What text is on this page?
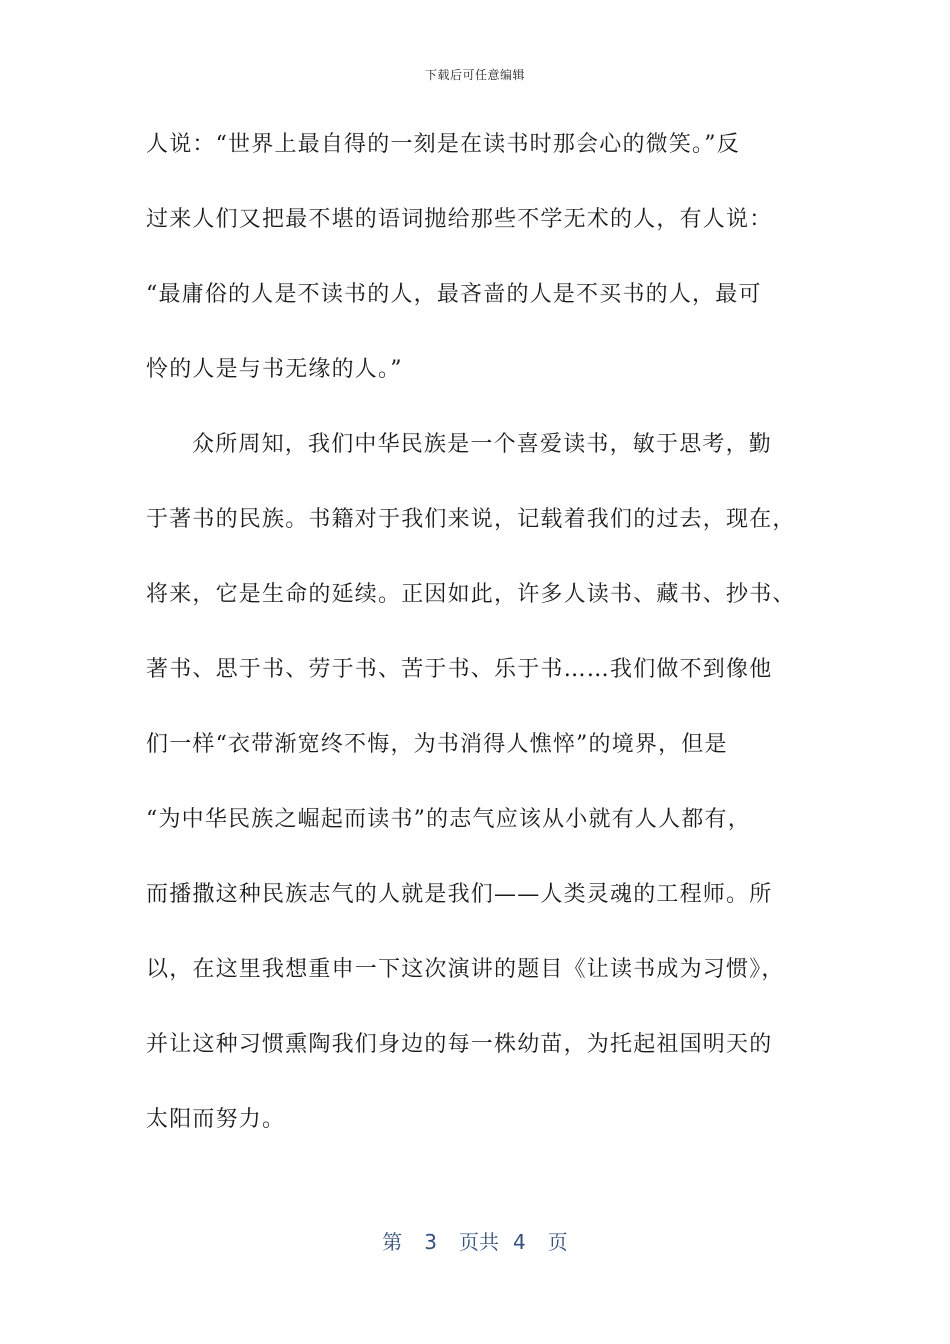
下载后可任意编辑
人说：“世界上最自得的一刻是在读书时那会心的微笑。”反
过来人们又把最不堪的语词抛给那些不学无术的人，有人说：
“最庸俗的人是不读书的人，最吝啬的人是不买书的人，最可
怜的人是与书无缘的人。”
众所周知，我们中华民族是一个喜爱读书，敏于思考，勤
于著书的民族。书籍对于我们来说，记载着我们的过去，现在，
将来，它是生命的延续。正因如此，许多人读书、藏书、抄书、
著书、思于书、劳于书、苦于书、乐于书……我们做不到像他
们一样“衣带渐宽终不悔，为书消得人憔悴”的境界，但是
“为中华民族之崛起而读书”的志气应该从小就有人人都有，
而播撒这种民族志气的人就是我们——人类灵魂的工程师。所
以，在这里我想重申一下这次演讲的题目《让读书成为习惯》，
并让这种习惯熏陶我们身边的每一株幼苗，为托起祖国明天的
太阳而努力。
第 3 页共 4 页
